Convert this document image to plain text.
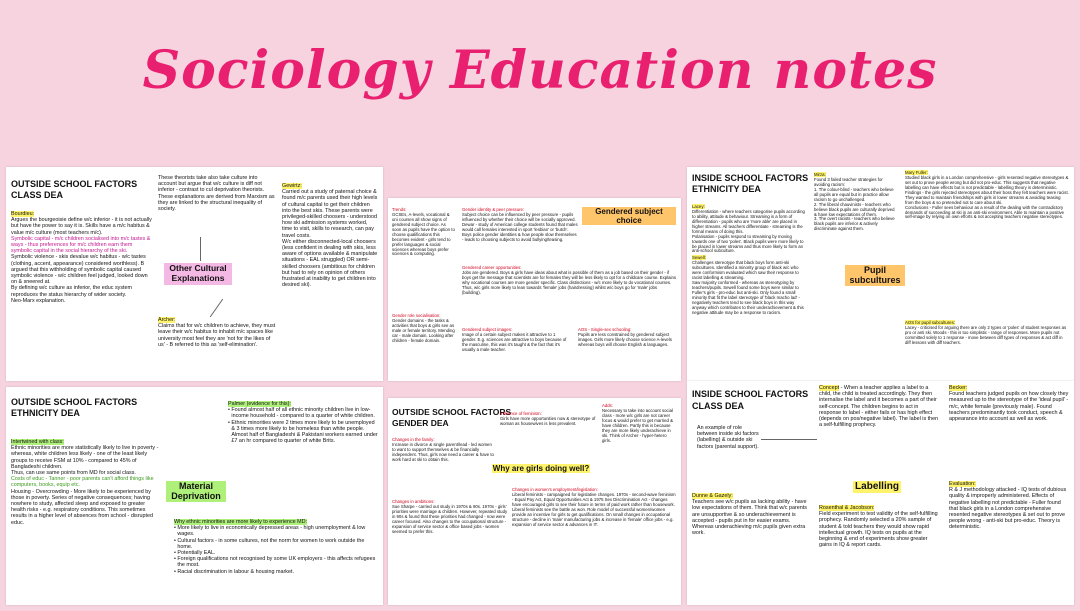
Sociology Education notes
OUTSIDE SCHOOL FACTORS
CLASS DEA
Bourdieu:
Argues the bourgeoisie define w/c inferior - it is not actually but have the power to say it is. Skills have a m/c habitus & value m/c culture (most teachers m/c).
Symbolic capital - m/c children socialised into m/c tastes & ways - thus preferences for m/c children earn them symbolic capital in the social hierarchy of the ski.
Symbolic violence - skis devalue w/c habitus - w/c tastes (clothing, accent, appearance) considered worthless). B argued that this withholding of symbolic capital caused symbolic violence - w/c children feel judged, looked down on & sneered at.
By defining w/c culture as inferior, the educ system reproduces the status hierarchy of wider society.
Neo-Marx explanation.
These theorists take also take culture into account but argue that w/c culture is diff not inferior - contrast to cul deprivation theorists.
These explanations are derived from Marxism as they are linked to the structural inequality of society.
Other Cultural Explanations
Archer:
Claims that for w/c children to achieve, they must leave their w/c habitus to inhabit m/c spaces like university most feel they are 'not for the likes of us' - B referred to this as 'self-elimination'.
Gewirtz:
Carried out a study of paternal choice & found m/c parents used their high levels of cultural capital to get their children into the best skis. These parents were privileged-skilled choosers - understood how ski admission systems worked, time to visit, skills to research, can pay travel costs.
W/c either disconnected-local choosers (less confident in dealing with skis, less aware of options available & manipulate situations - EAL struggled) OR semi-skilled choosers (ambitious for children but had to rely on opinion of others frustrated at inability to get children into desired ski).
Trends:
GCSEs, A-levels, vocational & uni courses all show signs of gendered subject choice. As soon as pupils have the option to choose qualifications this becomes evident - girls tend to prefer languages & social sciences whereas boys prefer sciences & computing.
Gender identity & peer pressure:
Subject choice can be influenced by peer pressure - pupils influenced by whether their choice will be socially approved. Dewar - study of American college students found that males would call females interested in sport 'lesbian' or 'butch'. Boys police gender identities & how people slow themselves - leads to choosing subjects to avoid bullying/teasing.
Gendered subject choice
Gendered career opportunities:
Jobs are gendered. Boys & girls have ideas about what is possible of them as a job based on their gender - if boys get the message that scientists are for females they will be less likely to opt for a childcare course. Explains why vocational courses are more gender specific. Class distinctions - w/c more likely to do vocational courses. Thus, w/c girls more likely to lean towards 'female' jobs (hairdressing) whilst w/c boys go for 'male' jobs (building).
Gender role socialisation:
Gender domains - the tasks & activities that boys & girls see as male or female territory. Mending car - male domain. Looking after children - female domain.
Gendered subject images:
Image of a certain subject makes it attractive to 1 gender. E.g. sciences are attractive to boys because of the masculine, this was it's taught & the fact that it's usually a male teacher.
AOS - Single-sex schooling:
Pupils are less constrained by gendered subject images. Girls more likely choose science A-levels whereas boys will choose English & languages.
INSIDE SCHOOL FACTORS
ETHNICITY DEA
Lacey:
Differentiation - where teachers categorise pupils according to ability, attitude & behaviour. Streaming is a form of differentiation - pupils who are 'more able' are placed in higher streams. All teachers differentiate - streaming is the formal means of doing this.
Polarisation - pupils respond to streaming by moving towards one of two 'poles'. Black pupils were more likely to be placed in lower streams and thus more likely to form an anti-school subculture.
Sewell:
Challenges stereotype that black boys form anti-ski subcultures. Identified a minority group of black w/c who were conformism evaluated which saw their response to racist labelling & streaming.
Saw majority conformed - whereas as stereotyping by teachers/pupils. Sewell found some boys were similar to Fuller's girls - pro-educ but anti-ski. Only found a small minority that fit the label stereotype of 'black macho lad' - negatively teachers tend to see black boys in this way anyway which contributes to their underachievement & this negative attitude may be a response to racism.
Mirza:
Found 3 failed teacher strategies for avoiding racism:
1. The colour-blind - teachers who believe all pupils are equal but in practice allow racism to go unchallenged.
2. The liberal chauvinists - teachers who believe black pupils are culturally deprived & have low expectations of them.
3. The overt racists - teachers who believe black pupils are inferior & actively discriminate against them.
Pupil subcultures
Mary Fuller:
Studied black girls in a London comprehensive - girls resented negative stereotypes & set out to prove people wrong but did not pro-educ. This suggests that negative labelling can have effects but is not predictable - labelling theory is deterministic.
Findings - the girls rejected stereotypes about their boss they felt teachers were racist. They wanted to maintain friendships with girls in lower streams & avoiding teasing from the boys & so pretended not to care about ski.
Conclusions - Fuller sees behaviour as a result of the dealing with the contradictory demands of succeeding at ski in an anti-ski environment. Able to maintain a positive self-image by relying on own efforts & not accepting teachers negative stereotypes.
AOS for pupil subcultures:
Lacey - criticised for arguing there are only 2 types or 'poles' of student responses as pro or anti ski. Woods - this is too simplistic - range of responses. More pupils not committed solely to 1 response - move between diff types of responses & act diff in diff lessons with diff teachers.
OUTSIDE SCHOOL FACTORS
ETHNICITY DEA
Intertwined with class:
Ethnic minorities are more statistically likely to live in poverty - whereas, white children less likely - one of the least likely groups to receive FSM at 10% - compared to 45% of Bangladeshi children.
Thus, can use same points from MD for social class.
Costs of educ - Tanner - poor parents can't afford things like computers, books, equip etc.
Housing - Overcrowding - More likely to be experienced by those in poverty. Series of negative consequences; having nowhere to study, affected sleep and exposed to greater health risks - e.g. respiratory conditions. This sometimes results in a higher level of absences from school - disrupted educ.
Palmer (evidence for this):
• Found almost half of all ethnic minority children live in low-income household - compared to a quarter of white children.
• Ethnic minorities were 2 times more likely to be unemployed & 3 times more likely to be homeless than white people. Almost half of Bangladeshi & Pakistani workers earned under £7 an hr compared to quarter of white Brits.
Material Deprivation
Why ethnic minorities are more likely to experience MD:
• More likely to live in economically depressed areas - high unemployment & low wages.
• Cultural factors - in some cultures, not the norm for women to work outside the home.
• Potentially EAL.
• Foreign qualifications not recognised by some UK employers - this affects refugees the most.
• Racial discrimination in labour & housing market.
OUTSIDE SCHOOL FACTORS
GENDER DEA
Changes in the family:
Increase in divorce & single parent/lead - led women to want to support themselves & be financially independent. Thus, girls now need a career & have to work hard at ski to obtain this.
Influence of feminism:
Girls have more opportunities now & stereotype of woman as housewives is less prevalent.
Adds:
Necessary to take into account social class - more w/c girls are not career focus & would prefer to get married & have children. Partly this is because they are more likely underachieve in ski. Think of Archer - hyper-hetero girls.
Why are girls doing well?
Changes in ambitions:
Sue Sharpe - carried out study in 1970s & 90s. 1970s - girls' priorities were marriage & children. However, repeated study in 90s & found that these priorities had changed - now were career focused. Also changes to the occupational structure - expansion of service sector & office based jobs - women seemed to prefer this.
Changes in women's employment/legislation:
Liberal feminists - campaigned for legislative changes. 1970s - second-wave feminism - Equal Pay Act, Equal Opportunities Act & 1975 Sex Discrimination Act - changes have encouraged girls to see their future in terms of paid work rather than housework. Liberal feminists see the battle as won. Role model of successful women/women provide an incentive for girls to get qualifications. On small changes in occupational structure - decline in 'male' manufacturing jobs & increase in 'female' office jobs - e.g. expansion of service sector & advances in IT.
INSIDE SCHOOL FACTORS
CLASS DEA
An example of role between inside ski factors (labelling) & outside ski factors (parental support).
Dunne & Gazely:
Teachers see w/c pupils as lacking ability - have low expectations of them. Think that w/c parents are unsupportive & so underachievement is accepted - pupils put in for easier exams. Whereas underachieving m/c pupils given extra work.
Concept - When a teacher applies a label to a child, the child is treated accordingly. They then internalise the label and it becomes a part of their self-concept. The children begins to act in response to label - either fails or has high effect (depends on pos/negative label). The label is then a self-fulfilling prophecy.
Labelling
Rosenthal & Jacobson:
Field experiment to test validity of the self-fulfilling prophecy. Randomly selected a 20% sample of student & told teachers they would show rapid intellectual growth. IQ tests on pupils at the beginning & end of experiments show greater gains in IQ & report cards.
Becker:
Found teachers judged pupils on how closely they measured up to the stereotype of the 'ideal pupil' - m/c, white female (previously male). Found teachers predominantly took conduct, speech & appearance into account as well as work.
Evaluation:
R & J methodology attacked - IQ tests of dubious quality & improperly administered. Effects of negative labelling not predictable - Fuller found that black girls in a London comprehensive resented negative stereotypes & set out to prove people wrong - anti-ski but pro-educ. Theory is deterministic.
